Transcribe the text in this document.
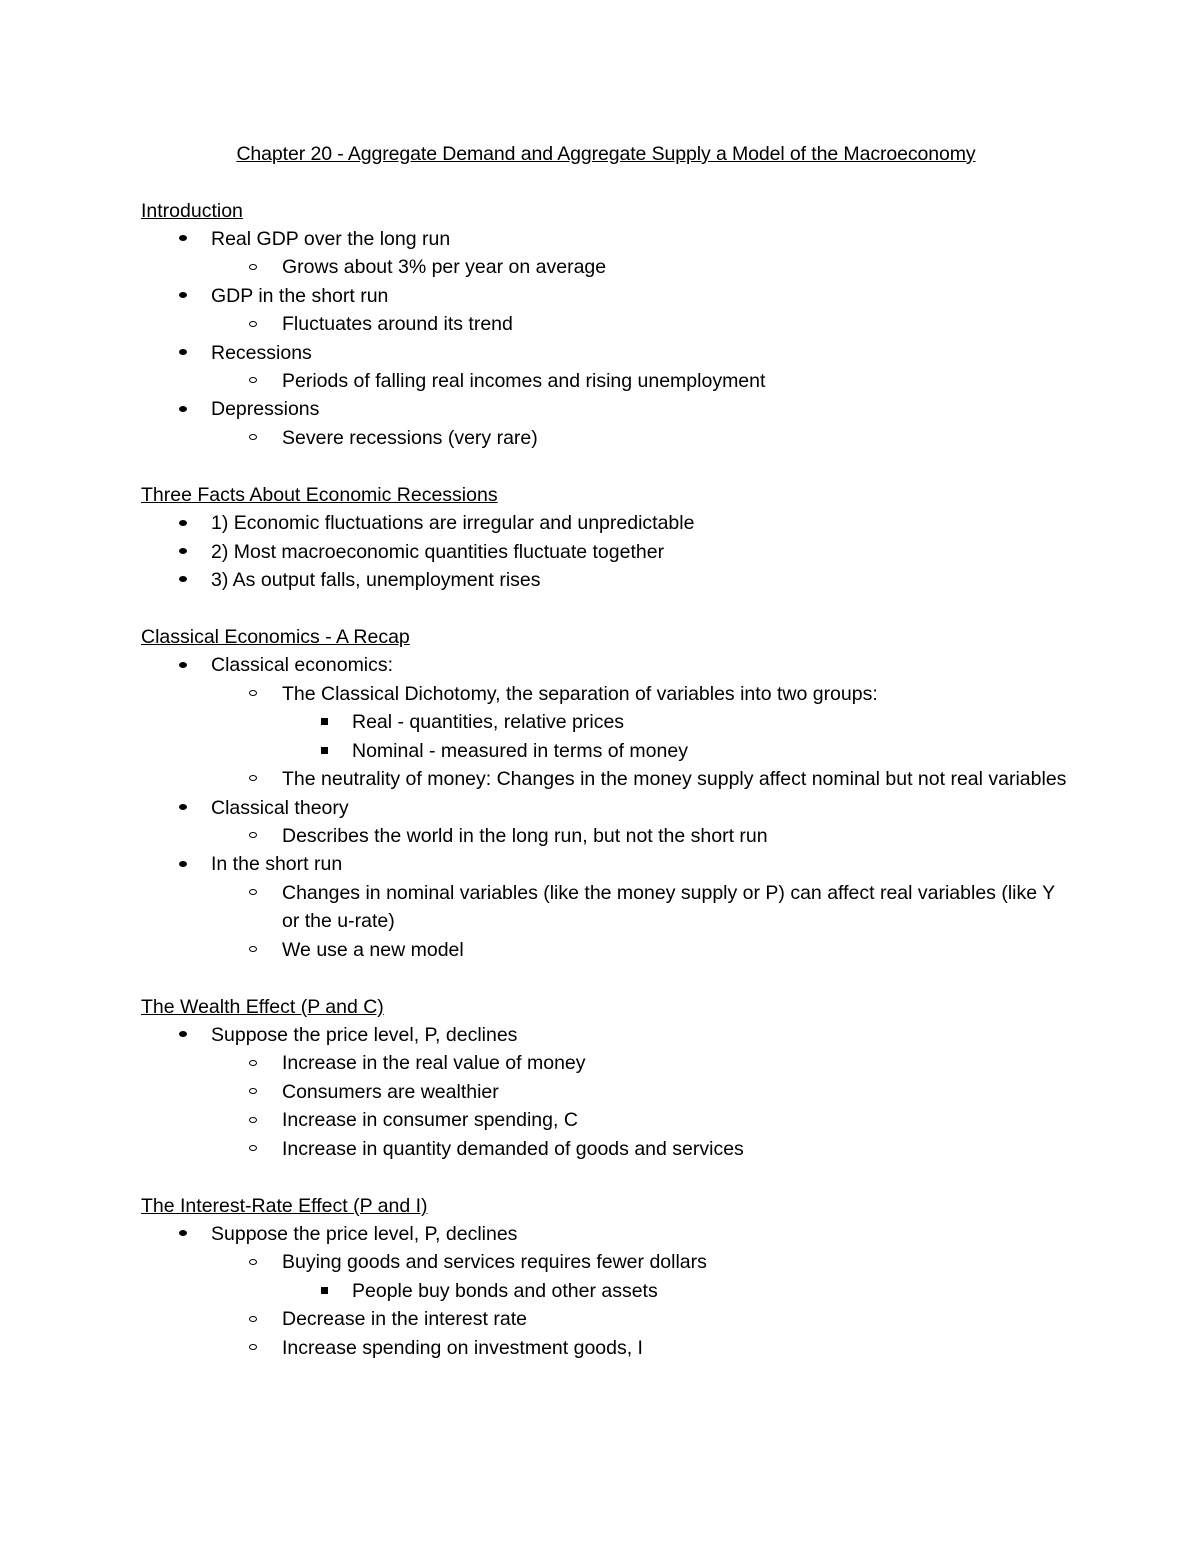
Chapter 20 - Aggregate Demand and Aggregate Supply a Model of the Macroeconomy
Introduction
Real GDP over the long run
Grows about 3% per year on average
GDP in the short run
Fluctuates around its trend
Recessions
Periods of falling real incomes and rising unemployment
Depressions
Severe recessions (very rare)
Three Facts About Economic Recessions
1) Economic fluctuations are irregular and unpredictable
2) Most macroeconomic quantities fluctuate together
3) As output falls, unemployment rises
Classical Economics - A Recap
Classical economics:
The Classical Dichotomy, the separation of variables into two groups:
Real - quantities, relative prices
Nominal - measured in terms of money
The neutrality of money: Changes in the money supply affect nominal but not real variables
Classical theory
Describes the world in the long run, but not the short run
In the short run
Changes in nominal variables (like the money supply or P) can affect real variables (like Y or the u-rate)
We use a new model
The Wealth Effect (P and C)
Suppose the price level, P, declines
Increase in the real value of money
Consumers are wealthier
Increase in consumer spending, C
Increase in quantity demanded of goods and services
The Interest-Rate Effect (P and I)
Suppose the price level, P, declines
Buying goods and services requires fewer dollars
People buy bonds and other assets
Decrease in the interest rate
Increase spending on investment goods, I
